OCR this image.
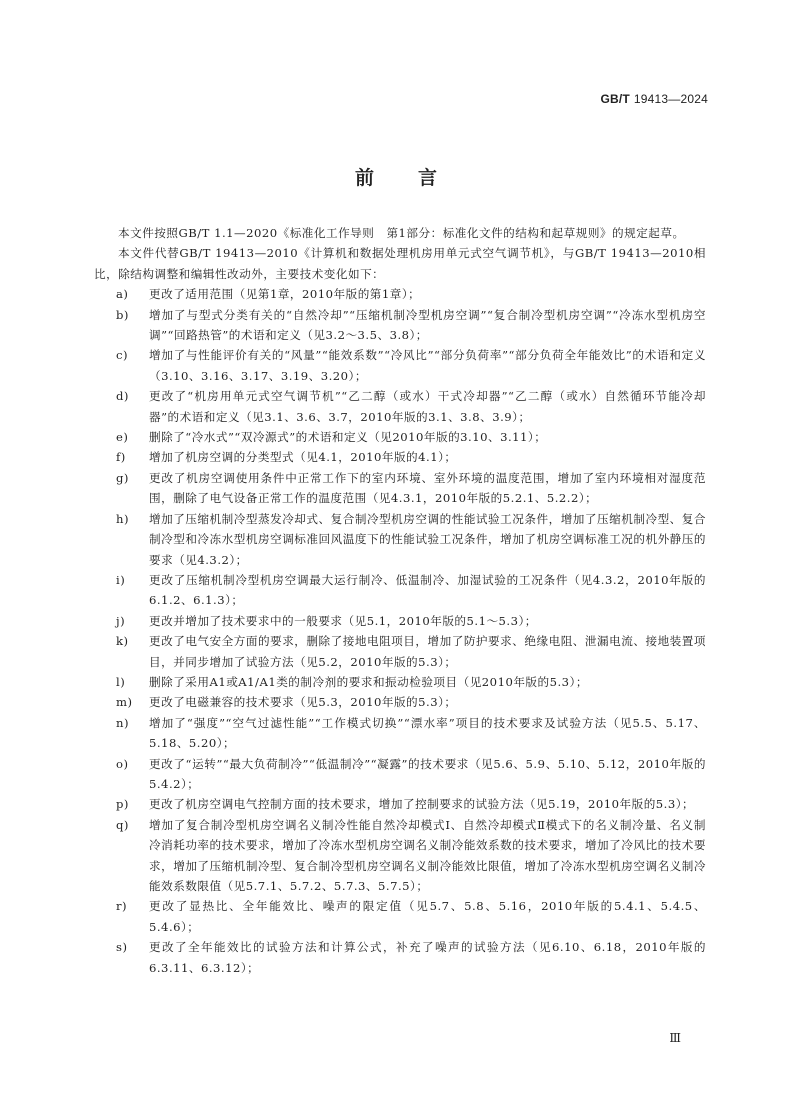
GB/T 19413—2024
前言

本文件按照GB/T 1.1—2020《标准化工作导则　第1部分：标准化文件的结构和起草规则》的规定起草。

本文件代替GB/T 19413—2010《计算机和数据处理机房用单元式空气调节机》，与GB/T 19413—2010相比，除结构调整和编辑性改动外，主要技术变化如下：

a) 更改了适用范围（见第1章，2010年版的第1章）；
b) 增加了与型式分类有关的“自然冷却”“压缩机制冷型机房空调”“复合制冷型机房空调”“冷冻水型机房空调”“回路热管”的术语和定义（见3.2～3.5、3.8）；
c) 增加了与性能评价有关的“风量”“能效系数”“冷风比”“部分负荷率”“部分负荷全年能效比”的术语和定义（3.10、3.16、3.17、3.19、3.20）；
d) 更改了“机房用单元式空气调节机”“乙二醇（或水）干式冷却器”“乙二醇（或水）自然循环节能冷却器”的术语和定义（见3.1、3.6、3.7，2010年版的3.1、3.8、3.9）；
e) 删除了“冷水式”“双冷源式”的术语和定义（见2010年版的3.10、3.11）；
f) 增加了机房空调的分类型式（见4.1，2010年版的4.1）；
g) 更改了机房空调使用条件中正常工作下的室内环境、室外环境的温度范围，增加了室内环境相对湿度范围，删除了电气设备正常工作的温度范围（见4.3.1，2010年版的5.2.1、5.2.2）；
h) 增加了压缩机制冷型蒸发冷却式、复合制冷型机房空调的性能试验工况条件，增加了压缩机制冷型、复合制冷型和冷冻水型机房空调标准回风温度下的性能试验工况条件，增加了机房空调标准工况的机外静压的要求（见4.3.2）；
i) 更改了压缩机制冷型机房空调最大运行制冷、低温制冷、加湿试验的工况条件（见4.3.2，2010年版的6.1.2、6.1.3）；
j) 更改并增加了技术要求中的一般要求（见5.1，2010年版的5.1～5.3）；
k) 更改了电气安全方面的要求，删除了接地电阻项目，增加了防护要求、绝缘电阻、泄漏电流、接地装置项目，并同步增加了试验方法（见5.2，2010年版的5.3）；
l) 删除了采用A1或A1/A1类的制冷剂的要求和振动检验项目（见2010年版的5.3）；
m) 更改了电磁兼容的技术要求（见5.3，2010年版的5.3）；
n) 增加了“强度”“空气过滤性能”“工作模式切换”“漂水率”项目的技术要求及试验方法（见5.5、5.17、5.18、5.20）；
o) 更改了“运转”“最大负荷制冷”“低温制冷”“凝露”的技术要求（见5.6、5.9、5.10、5.12，2010年版的5.4.2）；
p) 更改了机房空调电气控制方面的技术要求，增加了控制要求的试验方法（见5.19，2010年版的5.3）；
q) 增加了复合制冷型机房空调名义制冷性能自然冷却模式Ⅰ、自然冷却模式Ⅱ模式下的名义制冷量、名义制冷消耗功率的技术要求，增加了冷冻水型机房空调名义制冷能效系数的技术要求，增加了冷风比的技术要求，增加了压缩机制冷型、复合制冷型机房空调名义制冷能效比限值，增加了冷冻水型机房空调名义制冷能效系数限值（见5.7.1、5.7.2、5.7.3、5.7.5）；
r) 更改了显热比、全年能效比、噪声的限定值（见5.7、5.8、5.16，2010年版的5.4.1、5.4.5、5.4.6）；
s) 更改了全年能效比的试验方法和计算公式，补充了噪声的试验方法（见6.10、6.18，2010年版的6.3.11、6.3.12）；
Ⅲ
